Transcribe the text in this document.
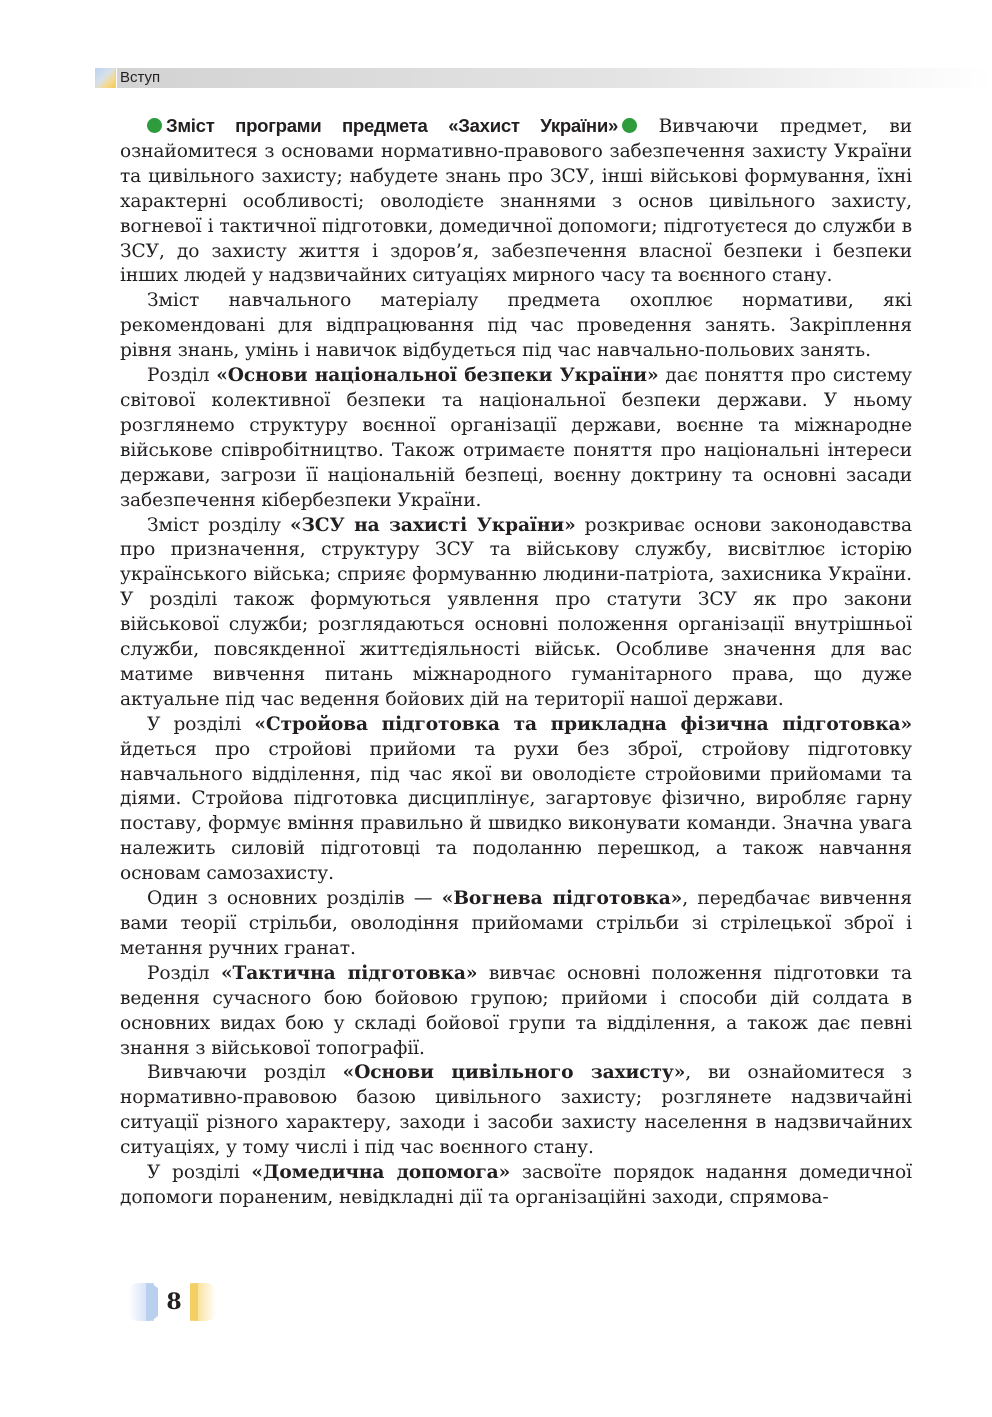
Вступ

Зміст програми предмета «Захист України» Вивчаючи предмет, ви ознайомитеся з основами нормативно-правового забезпечення захисту України та цивільного захисту; набудете знань про ЗСУ, інші військові формування, їхні характерні особливості; оволодієте знаннями з основ цивільного захисту, вогневої і тактичної підготовки, домедичної допомоги; підготуєтеся до служби в ЗСУ, до захисту життя і здоров’я, забезпечення власної безпеки і безпеки інших людей у надзвичайних ситуаціях мирного часу та воєнного стану.

Зміст навчального матеріалу предмета охоплює нормативи, які рекомендовані для відпрацювання під час проведення занять. Закріплення рівня знань, умінь і навичок відбудеться під час навчально-польових занять.

Розділ «Основи національної безпеки України» дає поняття про систему світової колективної безпеки та національної безпеки держави. У ньому розглянемо структуру воєнної організації держави, воєнне та міжнародне військове співробітництво. Також отримаєте поняття про національні інтереси держави, загрози її національній безпеці, воєнну доктрину та основні засади забезпечення кібербезпеки України.

Зміст розділу «ЗСУ на захисті України» розкриває основи законодавства про призначення, структуру ЗСУ та військову службу, висвітлює історію українського війська; сприяє формуванню людини-патріота, захисника України. У розділі також формуються уявлення про статути ЗСУ як про закони військової служби; розглядаються основні положення організації внутрішньої служби, повсякденної життєдіяльності військ. Особливе значення для вас матиме вивчення питань міжнародного гуманітарного права, що дуже актуальне під час ведення бойових дій на території нашої держави.

У розділі «Стройова підготовка та прикладна фізична підготовка» йдеться про стройові прийоми та рухи без зброї, стройову підготовку навчального відділення, під час якої ви оволодієте стройовими прийомами та діями. Стройова підготовка дисциплінує, загартовує фізично, виробляє гарну поставу, формує вміння правильно й швидко виконувати команди. Значна увага належить силовій підготовці та подоланню перешкод, а також навчання основам самозахисту.

Один з основних розділів — «Вогнева підготовка», передбачає вивчення вами теорії стрільби, оволодіння прийомами стрільби зі стрілецької зброї і метання ручних гранат.

Розділ «Тактична підготовка» вивчає основні положення підготовки та ведення сучасного бою бойовою групою; прийоми і способи дій солдата в основних видах бою у складі бойової групи та відділення, а також дає певні знання з військової топографії.

Вивчаючи розділ «Основи цивільного захисту», ви ознайомитеся з нормативно-правовою базою цивільного захисту; розглянете надзвичайні ситуації різного характеру, заходи і засоби захисту населення в надзвичайних ситуаціях, у тому числі і під час воєнного стану.

У розділі «Домедична допомога» засвоїте порядок надання домедичної допомоги пораненим, невідкладні дії та організаційні заходи, спрямова-

8
